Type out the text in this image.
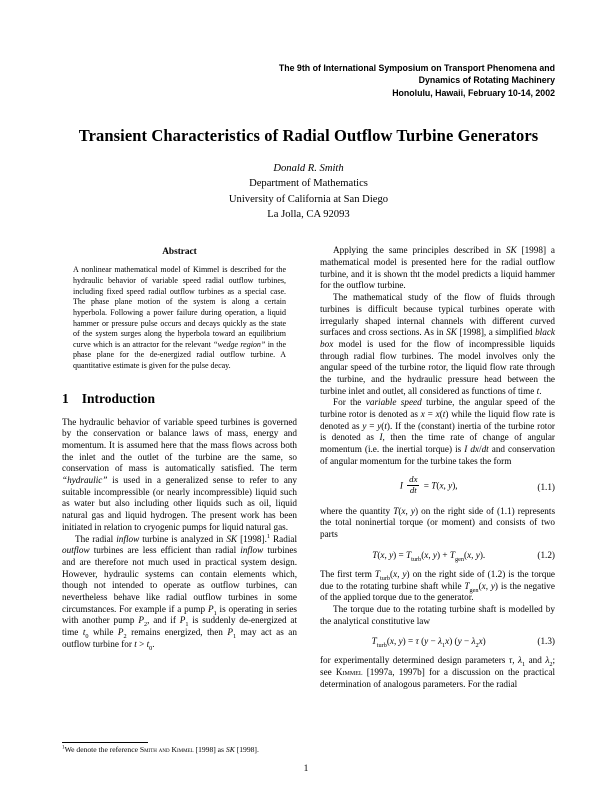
The 9th of International Symposium on Transport Phenomena and
Dynamics of Rotating Machinery
Honolulu, Hawaii, February 10-14, 2002
Transient Characteristics of Radial Outflow Turbine Generators
Donald R. Smith
Department of Mathematics
University of California at San Diego
La Jolla, CA 92093
Abstract

A nonlinear mathematical model of Kimmel is described for the hydraulic behavior of variable speed radial outflow turbines, including fixed speed radial outflow turbines as a special case. The phase plane motion of the system is along a certain hyperbola. Following a power failure during operation, a liquid hammer or pressure pulse occurs and decays quickly as the state of the system surges along the hyperbola toward an equilibrium curve which is an attractor for the relevant “wedge region” in the phase plane for the de-energized radial outflow turbine. A quantitative estimate is given for the pulse decay.

1 Introduction

The hydraulic behavior of variable speed turbines is governed by the conservation or balance laws of mass, energy and momentum. It is assumed here that the mass flows across both the inlet and the outlet of the turbine are the same, so conservation of mass is automatically satisfied. The term “hydraulic” is used in a generalized sense to refer to any suitable incompressible (or nearly incompressible) liquid such as water but also including other liquids such as oil, liquid natural gas and liquid hydrogen. The present work has been initiated in relation to cryogenic pumps for liquid natural gas.

The radial inflow turbine is analyzed in SK [1998].$^1$ Radial outflow turbines are less efficient than radial inflow turbines and are therefore not much used in practical system design. However, hydraulic systems can contain elements which, though not intended to operate as outflow turbines, can nevertheless behave like radial outflow turbines in some circumstances. For example if a pump $P_1$ is operating in series with another pump $P_2$, and if $P_1$ is suddenly de-energized at time $t_0$ while $P_2$ remains energized, then $P_1$ may act as an outflow turbine for $t > t_0$.

$^1$We denote the reference Smith and Kimmel [1998] as SK [1998].

Applying the same principles described in SK [1998] a mathematical model is presented here for the radial outflow turbine, and it is shown tht the model predicts a liquid hammer for the outflow turbine.

The mathematical study of the flow of fluids through turbines is difficult because typical turbines operate with irregularly shaped internal channels with different curved surfaces and cross sections. As in SK [1998], a simplified black box model is used for the flow of incompressible liquids through radial flow turbines. The model involves only the angular speed of the turbine rotor, the liquid flow rate through the turbine, and the hydraulic pressure head between the turbine inlet and outlet, all considered as functions of time t.

For the variable speed turbine, the angular speed of the turbine rotor is denoted as x = x(t) while the liquid flow rate is denoted as y = y(t). If the (constant) inertia of the turbine rotor is denoted as I, then the time rate of change of angular momentum (i.e. the inertial torque) is I dx/dt and conservation of angular momentum for the turbine takes the form

I $\frac{dx}{dt} = T(x$, y),	(1.1)

where the quantity T(x, y) on the right side of (1.1) represents the total noninertial torque (or moment) and consists of two parts

T(x, $y) = T_{turb}(x$, $y) + T_{gen}(x$, y).	(1.2)

The first term $T_{turb}(x$, y) on the right side of (1.2) is the torque due to the rotating turbine shaft while $T_{gen}(x$, y) is the negative of the applied torque due to the generator.

The torque due to the rotating turbine shaft is modelled by the analytical constitutive law

$T_{turb}(x$, y) = τ $(y - \lambda_1x)$ $(y - \lambda_2x)$	(1.3)

for experimentally determined design parameters τ, $\lambda_1$ and $\lambda_2$; see Kimmel [1997a, 1997b] for a discussion on the practical determination of analogous parameters. For the radial

1
